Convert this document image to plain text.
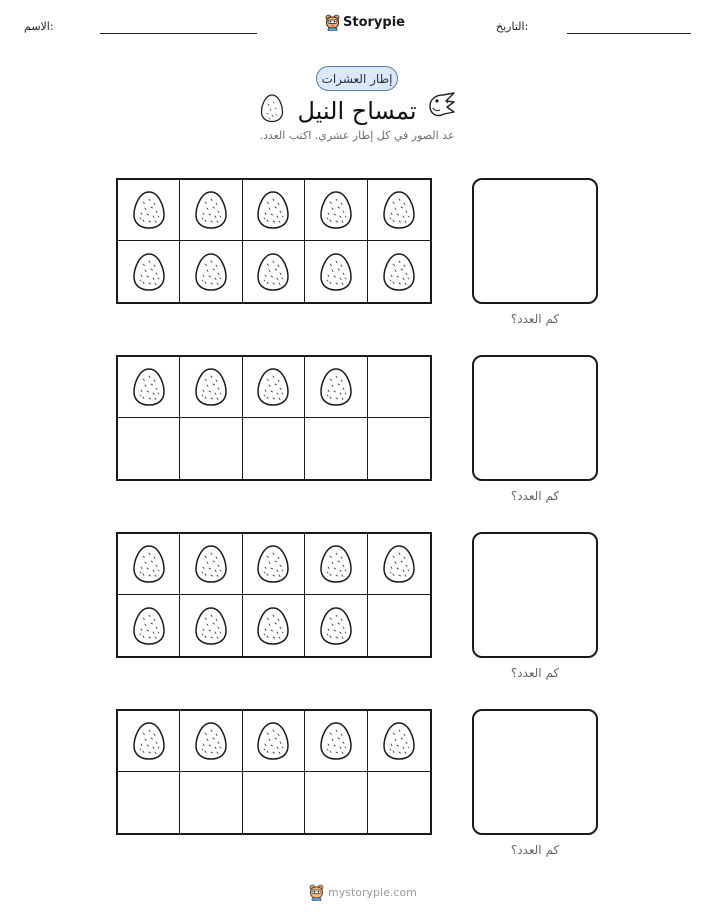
الاسم:	Storypie	التاريخ:
إطار العشرات
تمساح النيل
عد الصور في كل إطار عشري. اكتب العدد.
كم العدد؟
كم العدد؟
كم العدد؟
كم العدد؟
mystorypie.com
